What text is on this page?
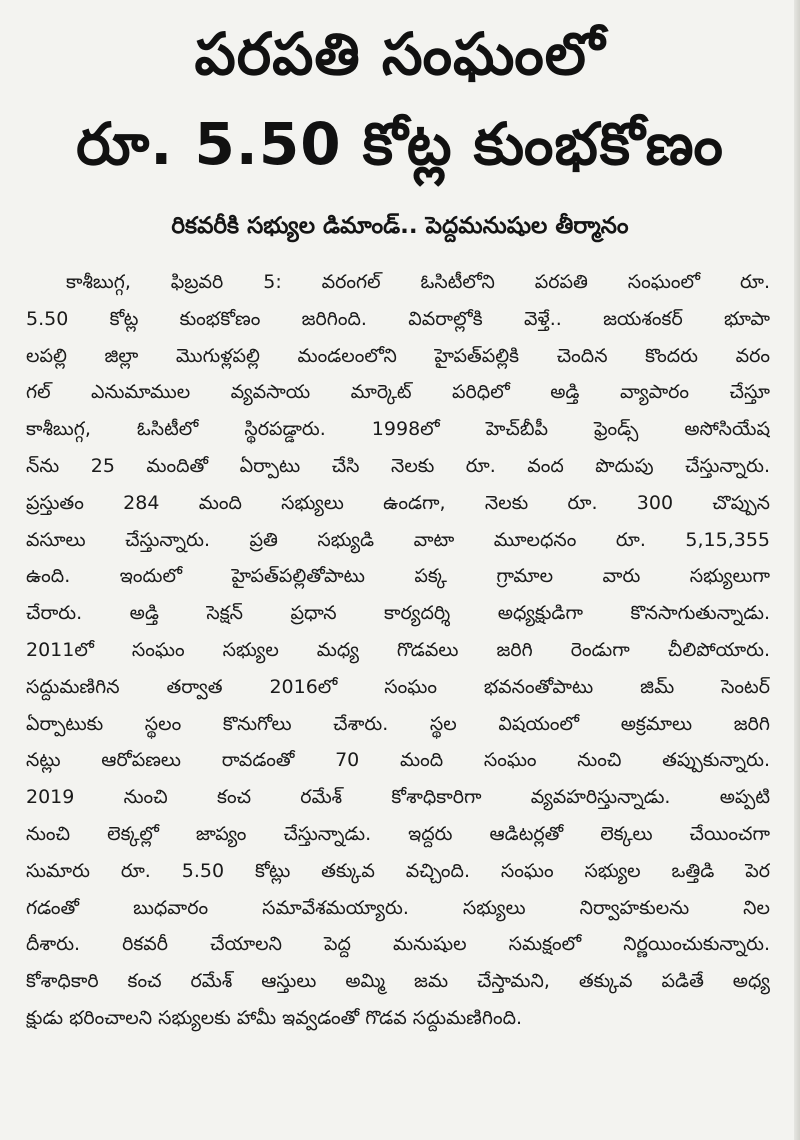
పరపతి సంఘంలో
రూ. 5.50 కోట్ల కుంభకోణం
రికవరీకి సభ్యుల డిమాండ్.. పెద్దమనుషుల తీర్మానం
కాశీబుగ్గ, ఫిబ్రవరి 5: వరంగల్ ఓసిటీలోని పరపతి సంఘంలో రూ.
5.50 కోట్ల కుంభకోణం జరిగింది. వివరాల్లోకి వెళ్తే.. జయశంకర్ భూపా
లపల్లి జిల్లా మొగుళ్లపల్లి మండలంలోని హైపత్‌పల్లికి చెందిన కొందరు వరం
గల్ ఎనుమాముల వ్యవసాయ మార్కెట్ పరిధిలో అడ్తి వ్యాపారం చేస్తూ
కాశీబుగ్గ, ఓసిటీలో స్థిరపడ్డారు. 1998లో హెచ్‌బీపీ ఫ్రెండ్స్ అసోసియేష
న్‌ను 25 మందితో ఏర్పాటు చేసి నెలకు రూ. వంద పొదుపు చేస్తున్నారు.
ప్రస్తుతం 284 మంది సభ్యులు ఉండగా, నెలకు రూ. 300 చొప్పున
వసూలు చేస్తున్నారు. ప్రతి సభ్యుడి వాటా మూలధనం రూ. 5,15,355
ఉంది. ఇందులో హైపత్‌పల్లితోపాటు పక్క గ్రామాల వారు సభ్యులుగా
చేరారు. అడ్తి సెక్షన్ ప్రధాన కార్యదర్శి అధ్యక్షుడిగా కొనసాగుతున్నాడు.
2011లో సంఘం సభ్యుల మధ్య గొడవలు జరిగి రెండుగా చీలిపోయారు.
సద్దుమణిగిన తర్వాత 2016లో సంఘం భవనంతోపాటు జిమ్ సెంటర్
ఏర్పాటుకు స్థలం కొనుగోలు చేశారు. స్థల విషయంలో అక్రమాలు జరిగి
నట్లు ఆరోపణలు రావడంతో 70 మంది సంఘం నుంచి తప్పుకున్నారు.
2019 నుంచి కంచ రమేశ్ కోశాధికారిగా వ్యవహరిస్తున్నాడు. అప్పటి
నుంచి లెక్కల్లో జాప్యం చేస్తున్నాడు. ఇద్దరు ఆడిటర్లతో లెక్కలు చేయించగా
సుమారు రూ. 5.50 కోట్లు తక్కువ వచ్చింది. సంఘం సభ్యుల ఒత్తిడి పెర
గడంతో బుధవారం సమావేశమయ్యారు. సభ్యులు నిర్వాహకులను నిల
దీశారు. రికవరీ చేయాలని పెద్ద మనుషుల సమక్షంలో నిర్ణయించుకున్నారు.
కోశాధికారి కంచ రమేశ్ ఆస్తులు అమ్మి జమ చేస్తామని, తక్కువ పడితే అధ్య
క్షుడు భరించాలని సభ్యులకు హామీ ఇవ్వడంతో గొడవ సద్దుమణిగింది.
